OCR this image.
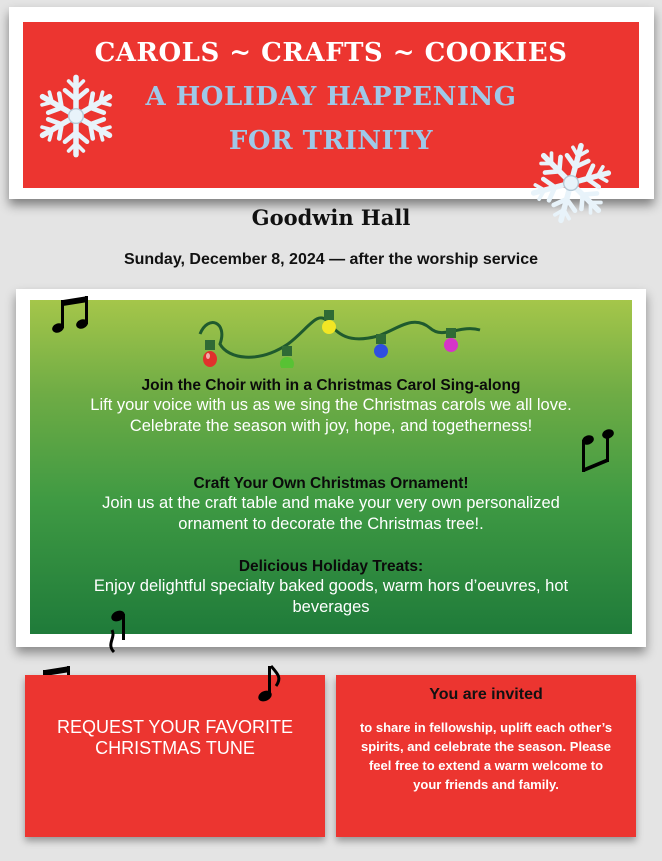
CAROLS ~ CRAFTS ~ COOKIES
A HOLIDAY HAPPENING
FOR TRINITY
Goodwin Hall
Sunday, December 8, 2024 — after the worship service
Join the Choir with in a Christmas Carol Sing-along
Lift your voice with us as we sing the Christmas carols we all love.
Celebrate the season with joy, hope, and togetherness!
Craft Your Own Christmas Ornament!
Join us at the craft table and make your very own personalized
ornament to decorate the Christmas tree!.
Delicious Holiday Treats:
Enjoy delightful specialty baked goods, warm hors d’oeuvres, hot
beverages
REQUEST YOUR FAVORITE
CHRISTMAS TUNE
You are invited
to share in fellowship, uplift each other’s
spirits, and celebrate the season. Please
feel free to extend a warm welcome to
your friends and family.
